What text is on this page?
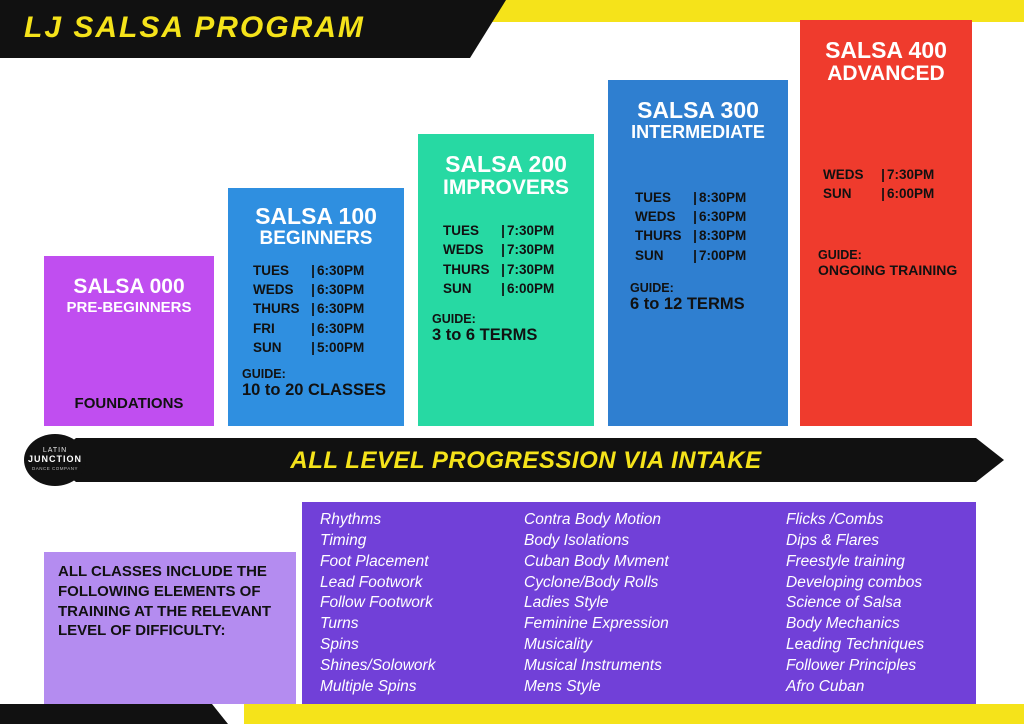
LJ SALSA PROGRAM
SALSA 000
PRE-BEGINNERS
FOUNDATIONS
SALSA 100
BEGINNERS
TUES	| 6:30PM
WEDS	| 6:30PM
THURS | 6:30PM
FRI	| 6:30PM
SUN	| 5:00PM
GUIDE:
10 to 20 CLASSES
SALSA 200
IMPROVERS
TUES	| 7:30PM
WEDS	| 7:30PM
THURS | 7:30PM
SUN	| 6:00PM
GUIDE:
3 to 6 TERMS
SALSA 300
INTERMEDIATE
TUES	| 8:30PM
WEDS	| 6:30PM
THURS | 8:30PM
SUN	| 7:00PM
GUIDE:
6 to 12 TERMS
SALSA 400
ADVANCED
WEDS	| 7:30PM
SUN	| 6:00PM
GUIDE:
ONGOING TRAINING
ALL LEVEL PROGRESSION VIA INTAKE
LATIN
JUNCTION
DANCE COMPANY
ALL CLASSES INCLUDE THE FOLLOWING ELEMENTS OF TRAINING AT THE RELEVANT LEVEL OF DIFFICULTY:
Rhythms
Timing
Foot Placement
Lead Footwork
Follow Footwork
Turns
Spins
Shines/Solowork
Multiple Spins
Contra Body Motion
Body Isolations
Cuban Body Mvment
Cyclone/Body Rolls
Ladies Style
Feminine Expression
Musicality
Musical Instruments
Mens Style
Flicks /Combs
Dips & Flares
Freestyle training
Developing combos
Science of Salsa
Body Mechanics
Leading Techniques
Follower Principles
Afro Cuban
